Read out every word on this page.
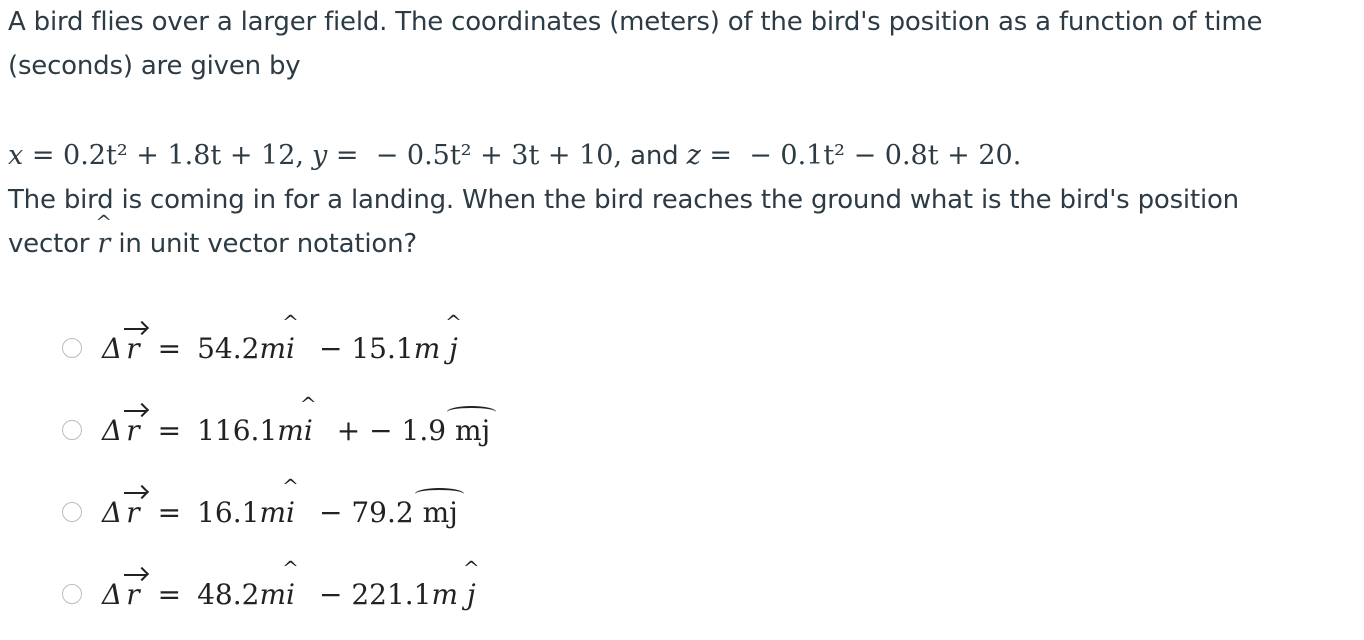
A bird flies over a larger field. The coordinates (meters) of the bird's position as a function of time

(seconds) are given by

x = 0.2t² + 1.8t + 12, y = − 0.5t² + 3t + 10, and z = − 0.1t² − 0.8t + 20.

The bird is coming in for a landing. When the bird reaches the ground what is the bird's position

vector r
^
in unit vector notation?

Δ r = 54.2 m i
^
− 15.1 m
j
^
Δ r = 116.1 m i
^
+ − 1.9
mj
Δ r = 16.1 m i
^
− 79.2
mj
Δ r = 48.2 m i
^
− 221.1 m
j
^
